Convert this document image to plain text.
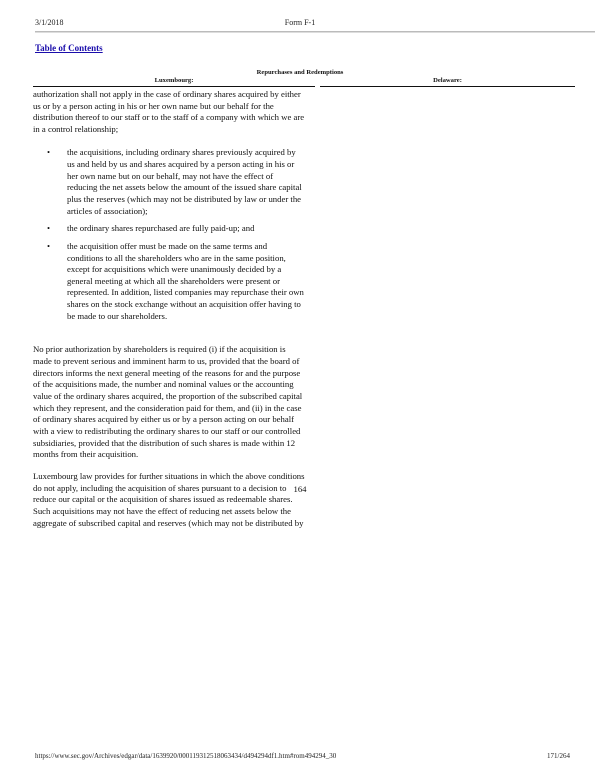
3/1/2018	Form F-1
Table of Contents
Repurchases and Redemptions
Luxembourg:	Delaware:
authorization shall not apply in the case of ordinary shares acquired by either
us or by a person acting in his or her own name but our behalf for the
distribution thereof to our staff or to the staff of a company with which we are
in a control relationship;
• the acquisitions, including ordinary shares previously acquired by
us and held by us and shares acquired by a person acting in his or
her own name but on our behalf, may not have the effect of
reducing the net assets below the amount of the issued share capital
plus the reserves (which may not be distributed by law or under the
articles of association);
• the ordinary shares repurchased are fully paid-up; and
• the acquisition offer must be made on the same terms and
conditions to all the shareholders who are in the same position,
except for acquisitions which were unanimously decided by a
general meeting at which all the shareholders were present or
represented. In addition, listed companies may repurchase their own
shares on the stock exchange without an acquisition offer having to
be made to our shareholders.
No prior authorization by shareholders is required (i) if the acquisition is
made to prevent serious and imminent harm to us, provided that the board of
directors informs the next general meeting of the reasons for and the purpose
of the acquisitions made, the number and nominal values or the accounting
value of the ordinary shares acquired, the proportion of the subscribed capital
which they represent, and the consideration paid for them, and (ii) in the case
of ordinary shares acquired by either us or by a person acting on our behalf
with a view to redistributing the ordinary shares to our staff or our controlled
subsidiaries, provided that the distribution of such shares is made within 12
months from their acquisition.
Luxembourg law provides for further situations in which the above conditions
do not apply, including the acquisition of shares pursuant to a decision to
reduce our capital or the acquisition of shares issued as redeemable shares.
Such acquisitions may not have the effect of reducing net assets below the
aggregate of subscribed capital and reserves (which may not be distributed by
164
https://www.sec.gov/Archives/edgar/data/1639920/000119312518063434/d494294df1.htm#rom494294_30	171/264
